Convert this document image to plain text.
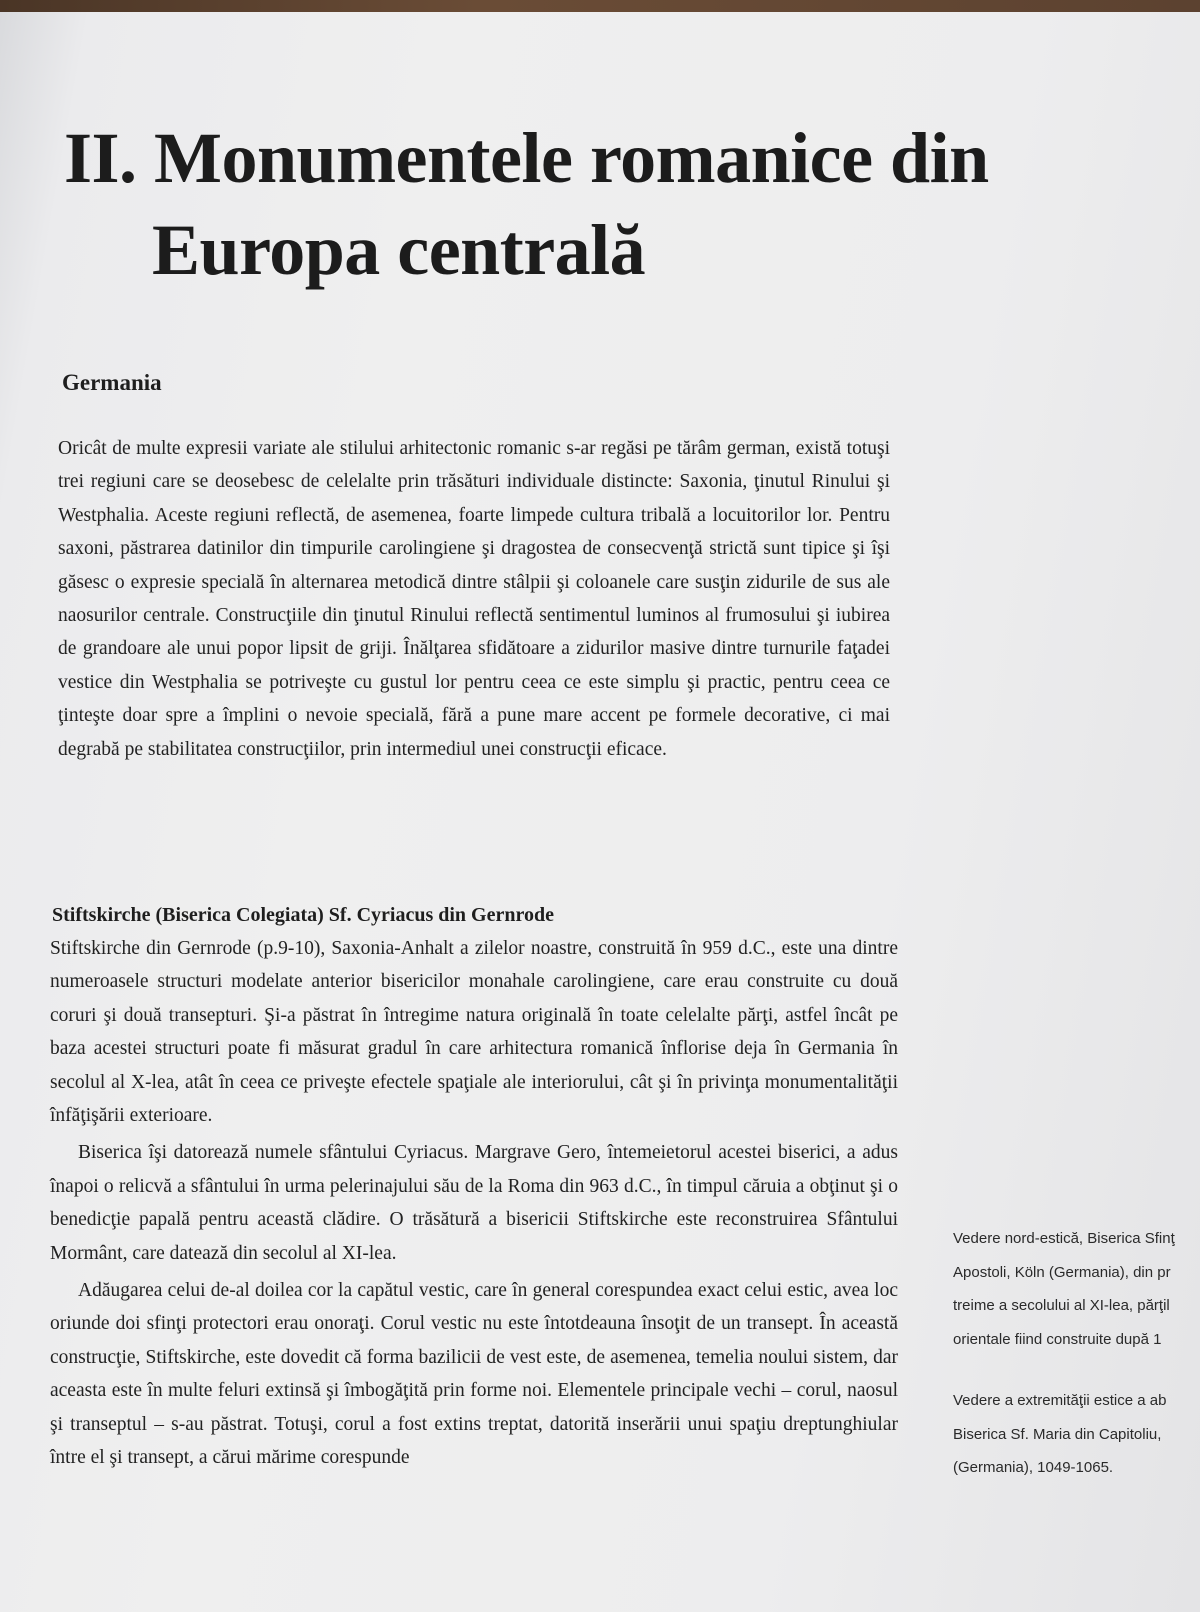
II. Monumentele romanice din
Europa centrală
Germania

Oricât de multe expresii variate ale stilului arhitectonic romanic s-ar regăsi pe tărâm german, există totuşi trei regiuni care se deosebesc de celelalte prin trăsături individuale distincte: Saxonia, ţinutul Rinului şi Westphalia. Aceste regiuni reflectă, de asemenea, foarte limpede cultura tribală a locuitorilor lor. Pentru saxoni, păstrarea datinilor din timpurile carolingiene şi dragostea de consecvenţă strictă sunt tipice şi îşi găsesc o expresie specială în alternarea metodică dintre stâlpii şi coloanele care susţin zidurile de sus ale naosurilor centrale. Construcţiile din ţinutul Rinului reflectă sentimentul luminos al frumosului şi iubirea de grandoare ale unui popor lipsit de griji. Înălţarea sfidătoare a zidurilor masive dintre turnurile faţadei vestice din Westphalia se potriveşte cu gustul lor pentru ceea ce este simplu şi practic, pentru ceea ce ţinteşte doar spre a împlini o nevoie specială, fără a pune mare accent pe formele decorative, ci mai degrabă pe stabilitatea construcţiilor, prin intermediul unei construcţii eficace.

Stiftskirche (Biserica Colegiata) Sf. Cyriacus din Gernrode

Stiftskirche din Gernrode (p.9-10), Saxonia-Anhalt a zilelor noastre, construită în 959 d.C., este una dintre numeroasele structuri modelate anterior bisericilor monahale carolingiene, care erau construite cu două coruri şi două transepturi. Şi-a păstrat în întregime natura originală în toate celelalte părţi, astfel încât pe baza acestei structuri poate fi măsurat gradul în care arhitectura romanică înflorise deja în Germania în secolul al X-lea, atât în ceea ce priveşte efectele spaţiale ale interiorului, cât şi în privinţa monumentalităţii înfăţişării exterioare.

Biserica îşi datorează numele sfântului Cyriacus. Margrave Gero, întemeietorul acestei biserici, a adus înapoi o relicvă a sfântului în urma pelerinajului său de la Roma din 963 d.C., în timpul căruia a obţinut şi o benedicţie papală pentru această clădire. O trăsătură a bisericii Stiftskirche este reconstruirea Sfântului Mormânt, care datează din secolul al XI-lea.

Adăugarea celui de-al doilea cor la capătul vestic, care în general corespundea exact celui estic, avea loc oriunde doi sfinţi protectori erau onoraţi. Corul vestic nu este întotdeauna însoţit de un transept. În această construcţie, Stiftskirche, este dovedit că forma bazilicii de vest este, de asemenea, temelia noului sistem, dar aceasta este în multe feluri extinsă şi îmbogăţită prin forme noi. Elementele principale vechi – corul, naosul şi transeptul – s-au păstrat. Totuşi, corul a fost extins treptat, datorită inserării unui spaţiu dreptunghiular între el şi transept, a cărui mărime corespunde

Vedere nord-estică, Biserica Sfinţ
Apostoli, Köln (Germania), din pr
treime a secolului al XI-lea, părţil
orientale fiind construite după 1

Vedere a extremităţii estice a ab
Biserica Sf. Maria din Capitoliu,
(Germania), 1049-1065.
